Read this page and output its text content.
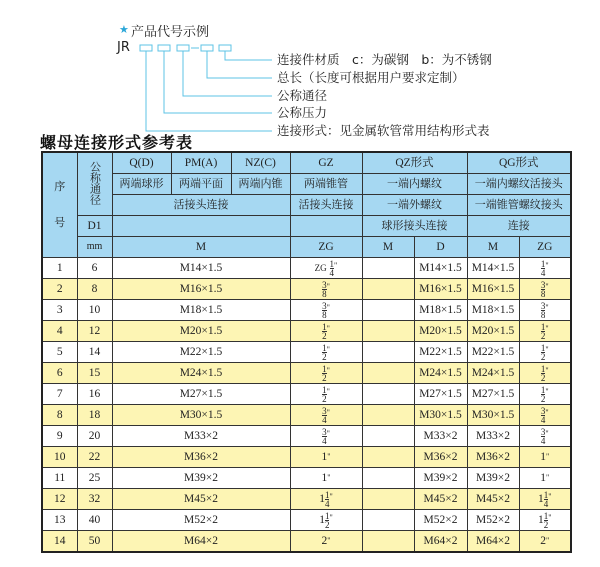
★ 产品代号示例
JR
连接件材质　c：为碳钢　b：为不锈钢
总长（长度可根据用户要求定制）
公称通径
公称压力
连接形式：见金属软管常用结构形式表
螺母连接形式参考表
序

号	公称通径	Q(D)	PM(A)	NZ(C)	GZ	QZ形式		QG形式	
		两端球形	两端平面	两端内锥	两端锥管	一端内螺纹		一端内螺纹活接头	
		活接头连接			活接头连接	一端外螺纹		一端锥管螺纹接头	
	D1					球形接头连接		连接	
	mm	M			ZG	M	D	M	ZG
1	6	M14×1.5			ZG $\frac{1}{4} ^"$		M14×1.5	M14×1.5	$\frac{1}{4} ^"$
2	8	M16×1.5			$\frac{3}{8} ^"$		M16×1.5	M16×1.5	$\frac{3}{8} ^"$
3	10	M18×1.5			$\frac{3}{8} ^"$		M18×1.5	M18×1.5	$\frac{3}{8} ^"$
4	12	M20×1.5			$\frac{1}{2} ^"$		M20×1.5	M20×1.5	$\frac{1}{2} ^"$
5	14	M22×1.5			$\frac{1}{2} ^"$		M22×1.5	M22×1.5	$\frac{1}{2} ^"$
6	15	M24×1.5			$\frac{1}{2} ^"$		M24×1.5	M24×1.5	$\frac{1}{2} ^"$
7	16	M27×1.5			$\frac{1}{2} ^"$		M27×1.5	M27×1.5	$\frac{1}{2} ^"$
8	18	M30×1.5			$\frac{3}{4} ^"$		M30×1.5	M30×1.5	$\frac{3}{4} ^"$
9	20	M33×2			$\frac{3}{4} ^"$		M33×2	M33×2	$\frac{3}{4} ^"$
10	22	M36×2			1"		M36×2	M36×2	1"
11	25	M39×2			1"		M39×2	M39×2	1"
12	32	M45×2			$1 \frac{1}{4} ^"$		M45×2	M45×2	$1 \frac{1}{4} ^"$
13	40	M52×2			$1 \frac{1}{2} ^"$		M52×2	M52×2	$1 \frac{1}{2} ^"$
14	50	M64×2			2"		M64×2	M64×2	2"
